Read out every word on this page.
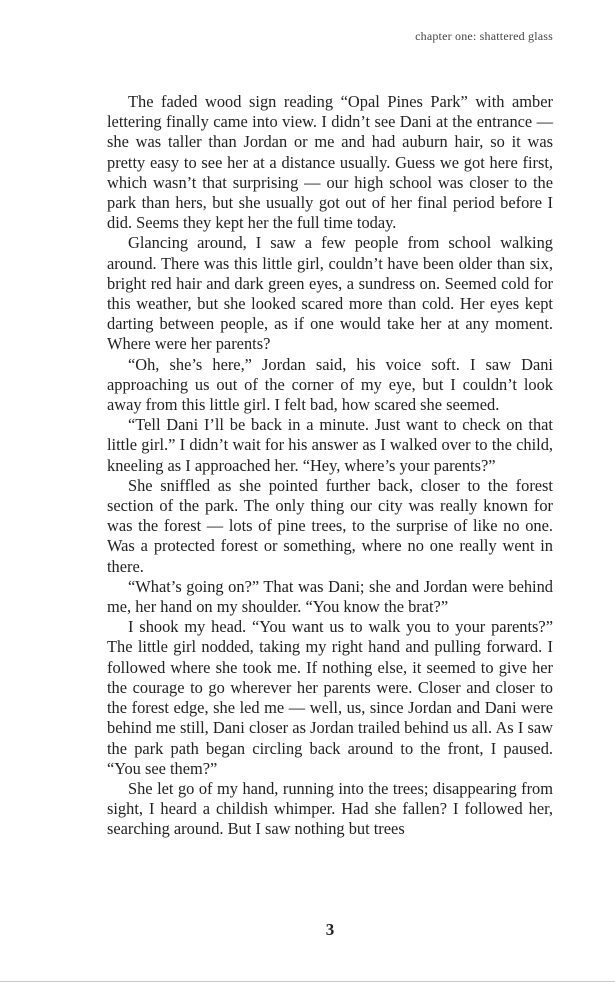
chapter one: shattered glass

The faded wood sign reading “Opal Pines Park” with amber lettering finally came into view. I didn’t see Dani at the entrance — she was taller than Jordan or me and had auburn hair, so it was pretty easy to see her at a distance usually. Guess we got here first, which wasn’t that surprising — our high school was closer to the park than hers, but she usually got out of her final period before I did. Seems they kept her the full time today.

Glancing around, I saw a few people from school walking around. There was this little girl, couldn’t have been older than six, bright red hair and dark green eyes, a sundress on. Seemed cold for this weather, but she looked scared more than cold. Her eyes kept darting between people, as if one would take her at any moment. Where were her parents?

“Oh, she’s here,” Jordan said, his voice soft. I saw Dani approaching us out of the corner of my eye, but I couldn’t look away from this little girl. I felt bad, how scared she seemed.

“Tell Dani I’ll be back in a minute. Just want to check on that little girl.” I didn’t wait for his answer as I walked over to the child, kneeling as I approached her. “Hey, where’s your parents?”

She sniffled as she pointed further back, closer to the forest section of the park. The only thing our city was really known for was the forest — lots of pine trees, to the surprise of like no one. Was a protected forest or something, where no one really went in there.

“What’s going on?” That was Dani; she and Jordan were behind me, her hand on my shoulder. “You know the brat?”

I shook my head. “You want us to walk you to your parents?” The little girl nodded, taking my right hand and pulling forward. I followed where she took me. If nothing else, it seemed to give her the courage to go wherever her parents were. Closer and closer to the forest edge, she led me — well, us, since Jordan and Dani were behind me still, Dani closer as Jordan trailed behind us all. As I saw the park path began circling back around to the front, I paused. “You see them?”

She let go of my hand, running into the trees; disappearing from sight, I heard a childish whimper. Had she fallen? I followed her, searching around. But I saw nothing but trees

3
